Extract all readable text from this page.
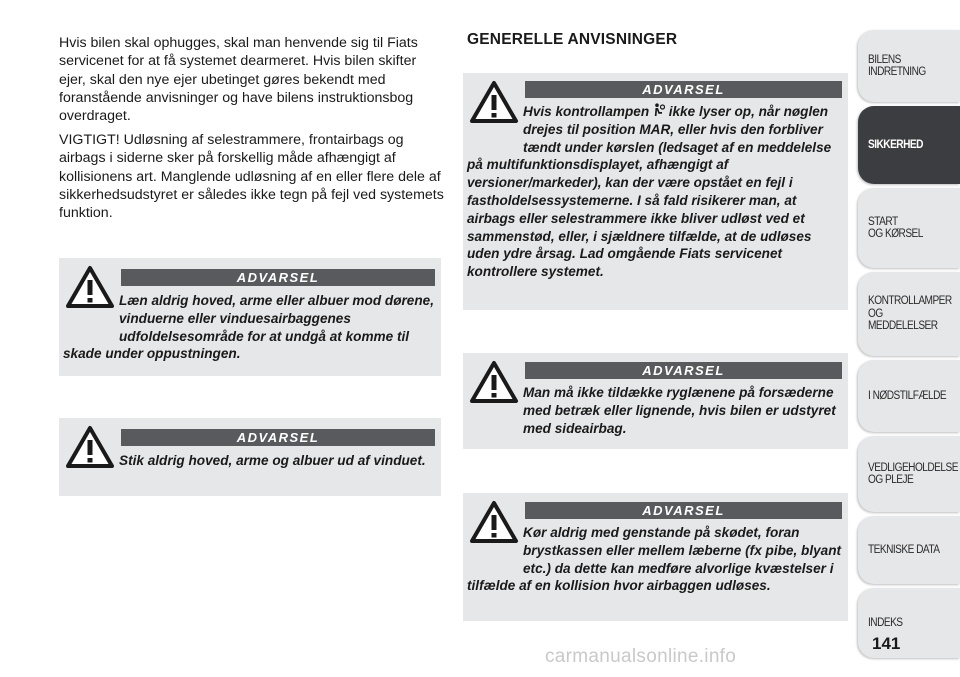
Hvis bilen skal ophugges, skal man henvende sig til Fiats servicenet for at få systemet dearmeret. Hvis bilen skifter ejer, skal den nye ejer ubetinget gøres bekendt med foranstående anvisninger og have bilens instruktionsbog overdraget.

VIGTIGT! Udløsning af selestrammere, frontairbags og airbags i siderne sker på forskellig måde afhængigt af kollisionens art. Manglende udløsning af en eller flere dele af sikkerhedsudstyret er således ikke tegn på fejl ved systemets funktion.

GENERELLE ANVISNINGER
ADVARSEL
Læn aldrig hoved, arme eller albuer mod dørene, vinduerne eller vinduesairbaggenes udfoldelsesområde for at undgå at komme til skade under oppustningen.
ADVARSEL
Stik aldrig hoved, arme og albuer ud af vinduet.
ADVARSEL
Hvis kontrollampen  ikke lyser op, når nøglen drejes til position MAR, eller hvis den forbliver tændt under kørslen (ledsaget af en meddelelse på multifunktionsdisplayet, afhængigt af versioner/markeder), kan der være opstået en fejl i fastholdelsessystemerne. I så fald risikerer man, at airbags eller selestrammere ikke bliver udløst ved et sammenstød, eller, i sjældnere tilfælde, at de udløses uden ydre årsag. Lad omgående Fiats servicenet kontrollere systemet.
ADVARSEL
Man må ikke tildække ryglænene på forsæderne med betræk eller lignende, hvis bilen er udstyret med sideairbag.
ADVARSEL
Kør aldrig med genstande på skødet, foran brystkassen eller mellem læberne (fx pibe, blyant etc.) da dette kan medføre alvorlige kvæstelser i tilfælde af en kollision hvor airbaggen udløses.
BILENS
INDRETNING
SIKKERHED
START
OG KØRSEL
KONTROLLAMPER
OG MEDDELELSER
I NØDSTILFÆLDE
VEDLIGEHOLDELSE
OG PLEJE
TEKNISKE DATA
INDEKS
141
carmanualsonline.info
